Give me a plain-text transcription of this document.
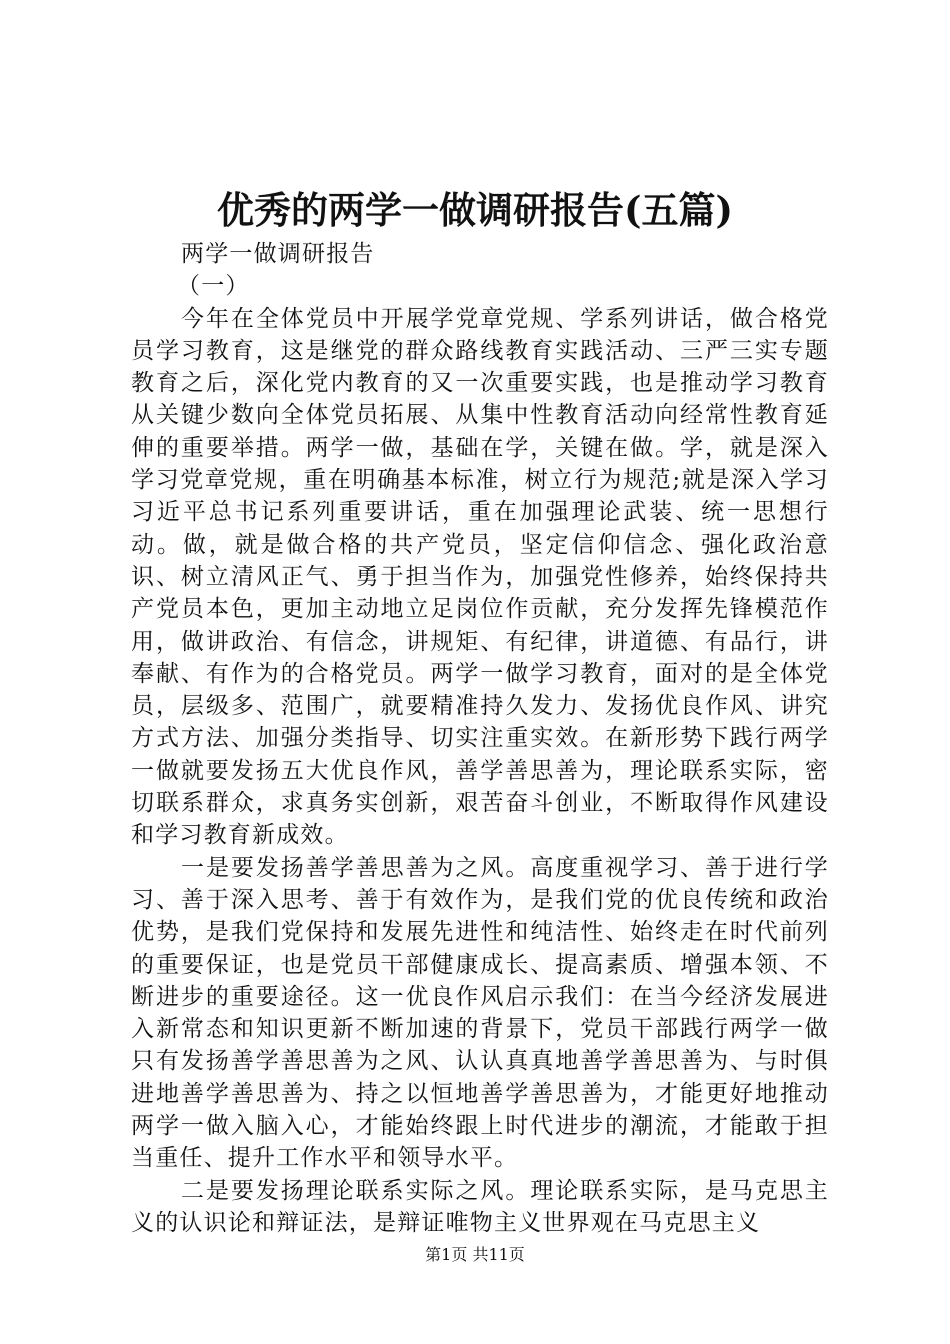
优秀的两学一做调研报告(五篇)

两学一做调研报告

（一）

今年在全体党员中开展学党章党规、学系列讲话，做合格党员学习教育，这是继党的群众路线教育实践活动、三严三实专题教育之后，深化党内教育的又一次重要实践，也是推动学习教育从关键少数向全体党员拓展、从集中性教育活动向经常性教育延伸的重要举措。两学一做，基础在学，关键在做。学，就是深入学习党章党规，重在明确基本标准，树立行为规范;就是深入学习习近平总书记系列重要讲话，重在加强理论武装、统一思想行动。做，就是做合格的共产党员，坚定信仰信念、强化政治意识、树立清风正气、勇于担当作为，加强党性修养，始终保持共产党员本色，更加主动地立足岗位作贡献，充分发挥先锋模范作用，做讲政治、有信念，讲规矩、有纪律，讲道德、有品行，讲奉献、有作为的合格党员。两学一做学习教育，面对的是全体党员，层级多、范围广，就要精准持久发力、发扬优良作风、讲究方式方法、加强分类指导、切实注重实效。在新形势下践行两学一做就要发扬五大优良作风，善学善思善为，理论联系实际，密切联系群众，求真务实创新，艰苦奋斗创业，不断取得作风建设和学习教育新成效。

一是要发扬善学善思善为之风。高度重视学习、善于进行学习、善于深入思考、善于有效作为，是我们党的优良传统和政治优势，是我们党保持和发展先进性和纯洁性、始终走在时代前列的重要保证，也是党员干部健康成长、提高素质、增强本领、不断进步的重要途径。这一优良作风启示我们：在当今经济发展进入新常态和知识更新不断加速的背景下，党员干部践行两学一做只有发扬善学善思善为之风、认认真真地善学善思善为、与时俱进地善学善思善为、持之以恒地善学善思善为，才能更好地推动两学一做入脑入心，才能始终跟上时代进步的潮流，才能敢于担当重任、提升工作水平和领导水平。

二是要发扬理论联系实际之风。理论联系实际，是马克思主义的认识论和辩证法，是辩证唯物主义世界观在马克思主义

第1页 共11页
